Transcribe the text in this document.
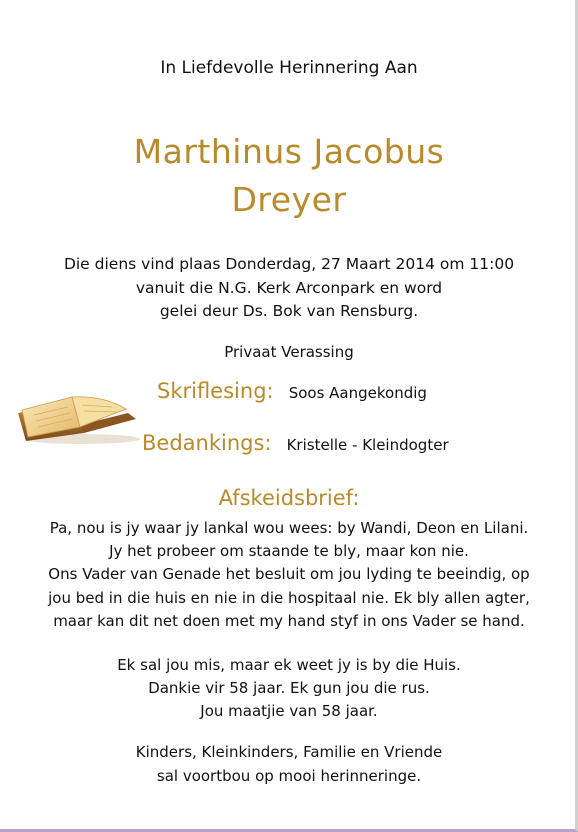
In Liefdevolle Herinnering Aan
Marthinus Jacobus
Dreyer
Die diens vind plaas Donderdag, 27 Maart 2014 om 11:00
vanuit die N.G. Kerk Arconpark en word
gelei deur Ds. Bok van Rensburg.
Privaat Verassing
Skriflesing: Soos Aangekondig
Bedankings: Kristelle - Kleindogter
Afskeidsbrief:
Pa, nou is jy waar jy lankal wou wees: by Wandi, Deon en Lilani.
Jy het probeer om staande te bly, maar kon nie.
Ons Vader van Genade het besluit om jou lyding te beeindig, op
jou bed in die huis en nie in die hospitaal nie. Ek bly allen agter,
maar kan dit net doen met my hand styf in ons Vader se hand.
Ek sal jou mis, maar ek weet jy is by die Huis.
Dankie vir 58 jaar. Ek gun jou die rus.
Jou maatjie van 58 jaar.
Kinders, Kleinkinders, Familie en Vriende
sal voortbou op mooi herinneringe.
